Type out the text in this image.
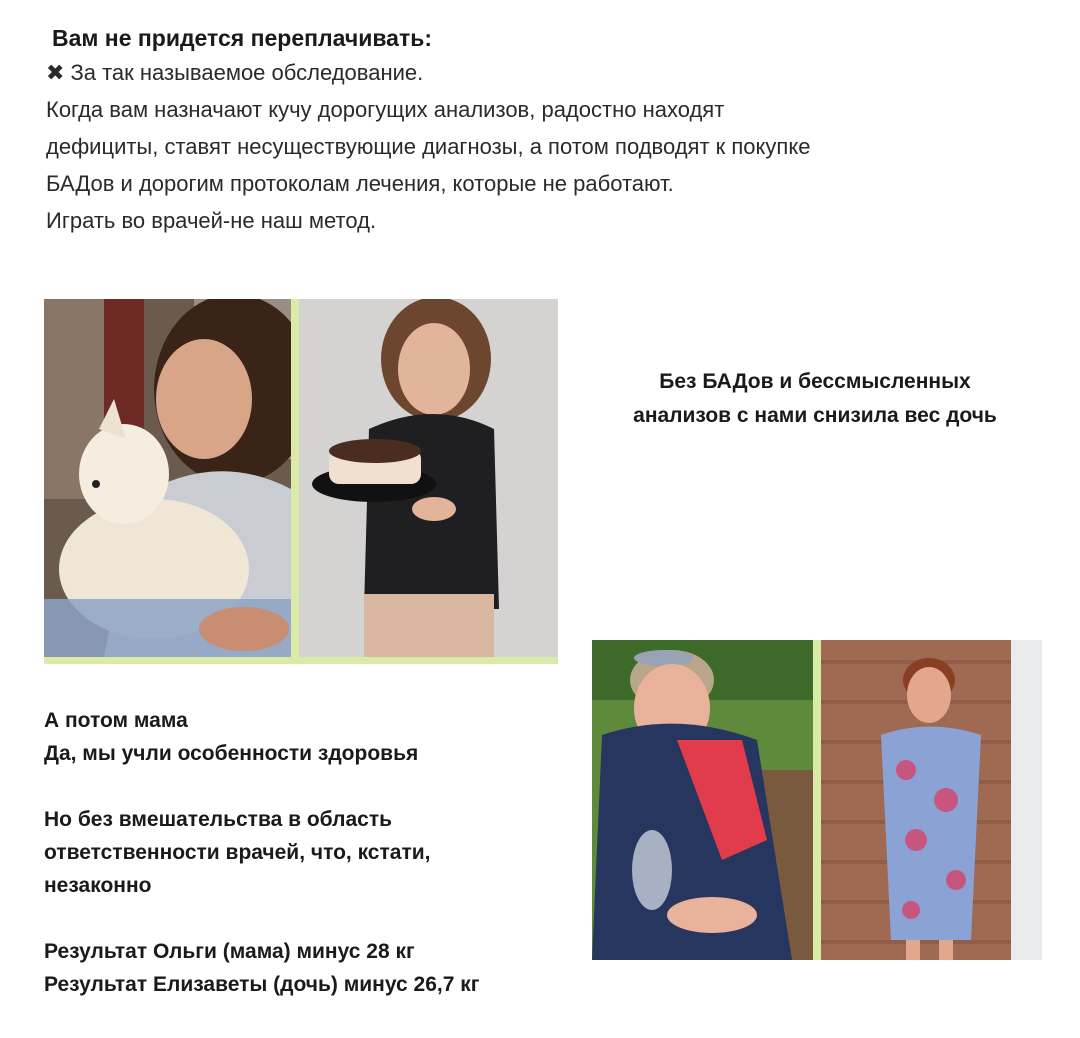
Вам не придется переплачивать:
✖ За так называемое обследование.
Когда вам назначают кучу дорогущих анализов, радостно находят
дефициты, ставят несуществующие диагнозы, а потом подводят к покупке
БАДов и дорогим протоколам лечения, которые не работают.
Играть во врачей-не наш метод.
Без БАДов и бессмысленных
анализов с нами снизила вес дочь
А потом мама
Да, мы учли особенности здоровья
Но без вмешательства в область
ответственности врачей, что, кстати,
незаконно
Результат Ольги (мама) минус 28 кг
Результат Елизаветы (дочь) минус 26,7 кг
